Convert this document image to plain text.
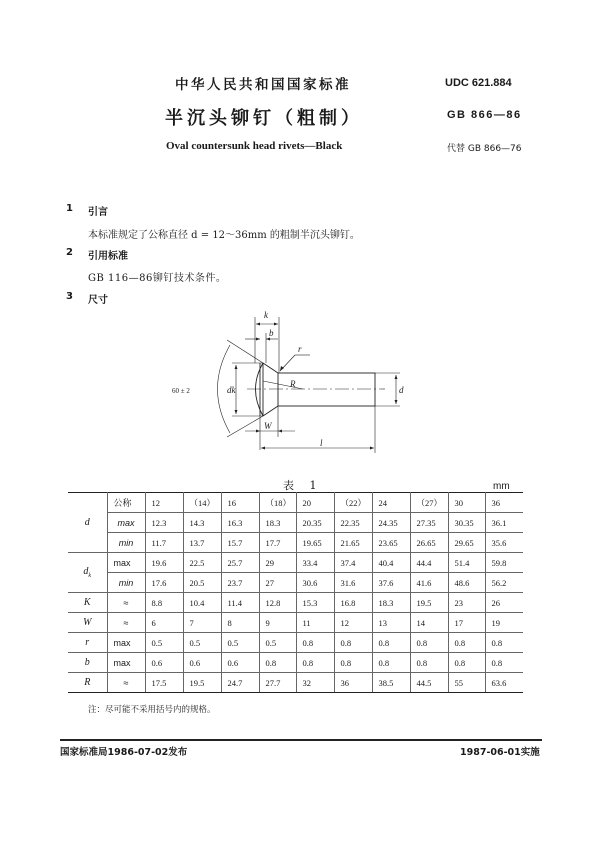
中华人民共和国国家标准	UDC 621.884
半沉头铆钉（粗制）	GB 866—86
Oval countersunk head rivets—Black	代替 GB 866—76
1 引言
本标准规定了公称直径 d = 12～36mm 的粗制半沉头铆钉。
2 引用标准
GB 116—86铆钉技术条件。
3 尺寸
k
b
r
R
dk	d
W
l
60 ± 2
表 1	mm
d	公称	12	（14）	16	（18）	20	（22）	24	（27）	30	36
	max	12.3	14.3	16.3	18.3	20.35	22.35	24.35	27.35	30.35	36.1
	min	11.7	13.7	15.7	17.7	19.65	21.65	23.65	26.65	29.65	35.6
$d_k$	max	19.6	22.5	25.7	29	33.4	37.4	40.4	44.4	51.4	59.8
	min	17.6	20.5	23.7	27	30.6	31.6	37.6	41.6	48.6	56.2
K	≈	8.8	10.4	11.4	12.8	15.3	16.8	18.3	19.5	23	26
W	≈	6	7	8	9	11	12	13	14	17	19
r	max	0.5	0.5	0.5	0.5	0.8	0.8	0.8	0.8	0.8	0.8
b	max	0.6	0.6	0.6	0.8	0.8	0.8	0.8	0.8	0.8	0.8
R	≈	17.5	19.5	24.7	27.7	32	36	38.5	44.5	55	63.6
注：尽可能不采用括号内的规格。
国家标准局1986-07-02发布	1987-06-01实施
